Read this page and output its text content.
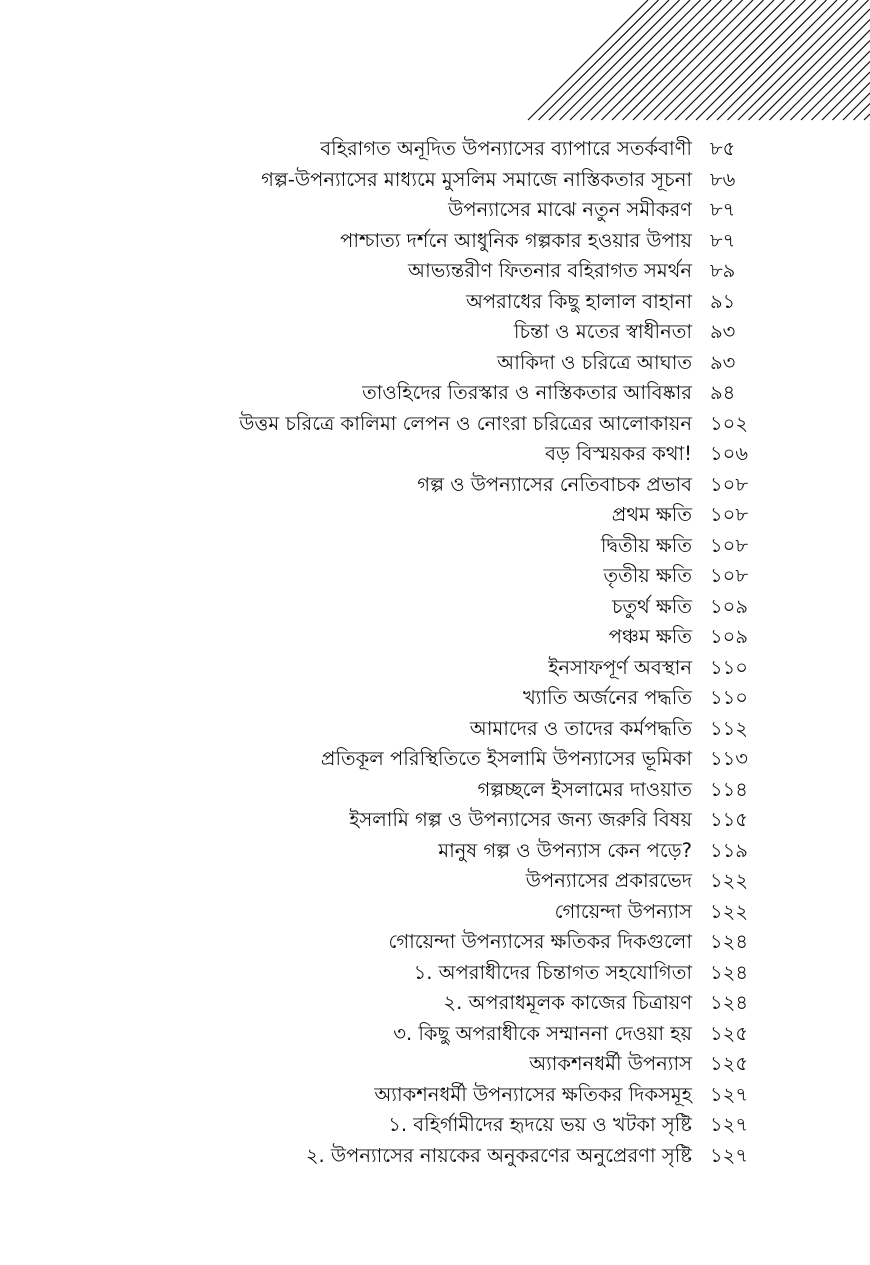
বহিরাগত অনূদিত উপন্যাসের ব্যাপারে সতর্কবাণী ৮৫
গল্প-উপন্যাসের মাধ্যমে মুসলিম সমাজে নাস্তিকতার সূচনা ৮৬
উপন্যাসের মাঝে নতুন সমীকরণ ৮৭
পাশ্চাত্য দর্শনে আধুনিক গল্পকার হওয়ার উপায় ৮৭
আভ্যন্তরীণ ফিতনার বহিরাগত সমর্থন ৮৯
অপরাধের কিছু হালাল বাহানা ৯১
চিন্তা ও মতের স্বাধীনতা ৯৩
আকিদা ও চরিত্রে আঘাত ৯৩
তাওহিদের তিরস্কার ও নাস্তিকতার আবিষ্কার ৯৪
উত্তম চরিত্রে কালিমা লেপন ও নোংরা চরিত্রের আলোকায়ন ১০২
বড় বিস্ময়কর কথা! ১০৬
গল্প ও উপন্যাসের নেতিবাচক প্রভাব ১০৮
প্রথম ক্ষতি ১০৮
দ্বিতীয় ক্ষতি ১০৮
তৃতীয় ক্ষতি ১০৮
চতুর্থ ক্ষতি ১০৯
পঞ্চম ক্ষতি ১০৯
ইনসাফপূর্ণ অবস্থান ১১০
খ্যাতি অর্জনের পদ্ধতি ১১০
আমাদের ও তাদের কর্মপদ্ধতি ১১২
প্রতিকূল পরিস্থিতিতে ইসলামি উপন্যাসের ভূমিকা ১১৩
গল্পচ্ছলে ইসলামের দাওয়াত ১১৪
ইসলামি গল্প ও উপন্যাসের জন্য জরুরি বিষয় ১১৫
মানুষ গল্প ও উপন্যাস কেন পড়ে? ১১৯
উপন্যাসের প্রকারভেদ ১২২
গোয়েন্দা উপন্যাস ১২২
গোয়েন্দা উপন্যাসের ক্ষতিকর দিকগুলো ১২৪
১. অপরাধীদের চিন্তাগত সহযোগিতা ১২৪
২. অপরাধমূলক কাজের চিত্রায়ণ ১২৪
৩. কিছু অপরাধীকে সম্মাননা দেওয়া হয় ১২৫
অ্যাকশনধর্মী উপন্যাস ১২৫
অ্যাকশনধর্মী উপন্যাসের ক্ষতিকর দিকসমূহ ১২৭
১. বহির্গামীদের হৃদয়ে ভয় ও খটকা সৃষ্টি ১২৭
২. উপন্যাসের নায়কের অনুকরণের অনুপ্রেরণা সৃষ্টি ১২৭
